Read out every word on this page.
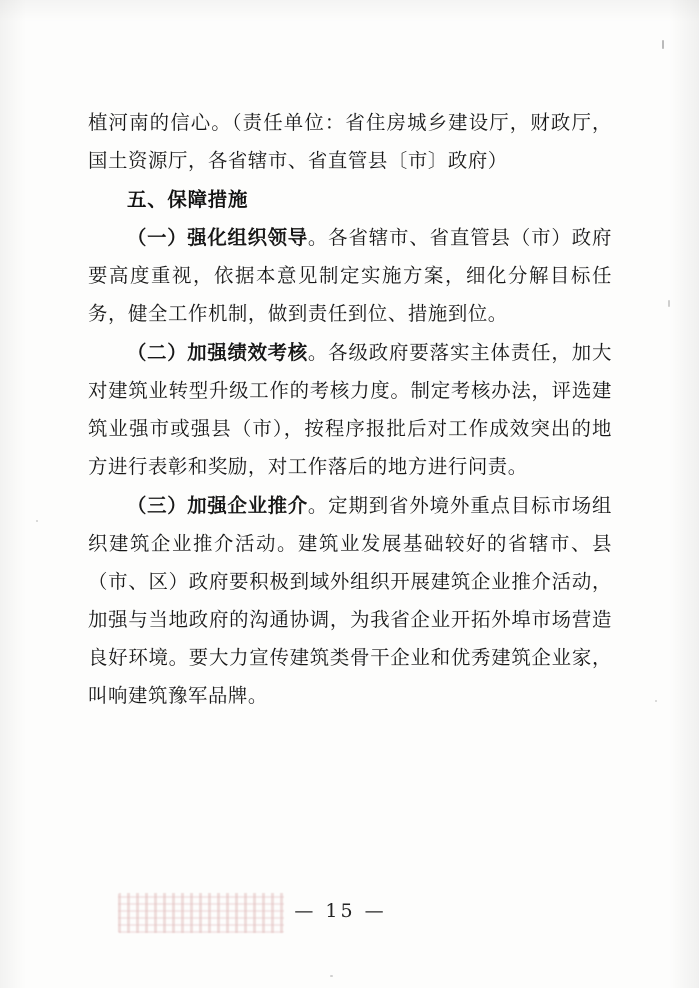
植河南的信心。（责任单位：省住房城乡建设厅，财政厅，国土资源厅，各省辖市、省直管县〔市〕政府）

五、保障措施

（一）强化组织领导。各省辖市、省直管县（市）政府要高度重视，依据本意见制定实施方案，细化分解目标任务，健全工作机制，做到责任到位、措施到位。

（二）加强绩效考核。各级政府要落实主体责任，加大对建筑业转型升级工作的考核力度。制定考核办法，评选建筑业强市或强县（市），按程序报批后对工作成效突出的地方进行表彰和奖励，对工作落后的地方进行问责。

（三）加强企业推介。定期到省外境外重点目标市场组织建筑企业推介活动。建筑业发展基础较好的省辖市、县（市、区）政府要积极到域外组织开展建筑企业推介活动，加强与当地政府的沟通协调，为我省企业开拓外埠市场营造良好环境。要大力宣传建筑类骨干企业和优秀建筑企业家，叫响建筑豫军品牌。

— 15 —
